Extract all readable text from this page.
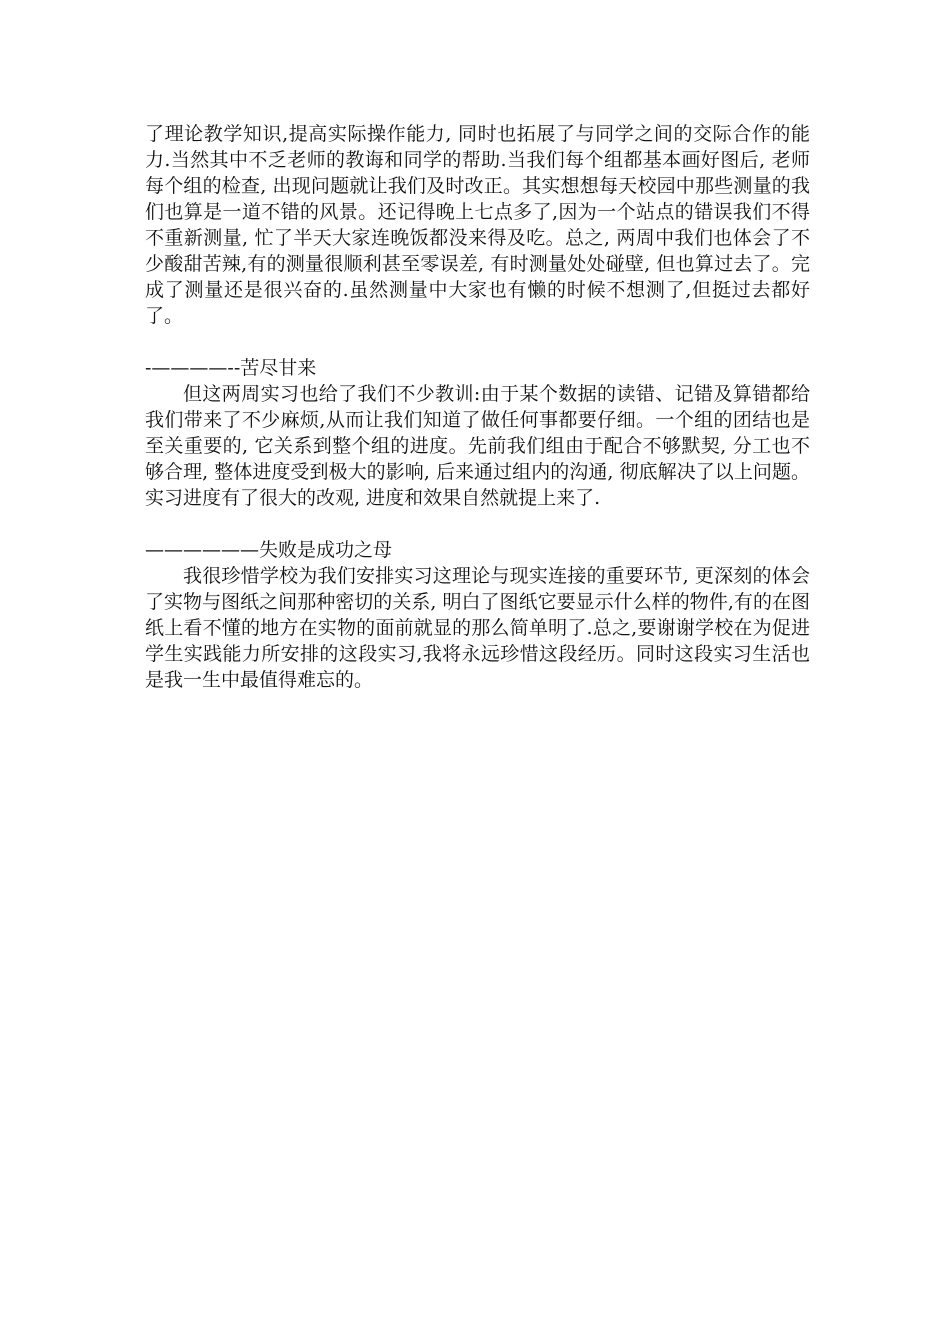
了理论教学知识,提高实际操作能力, 同时也拓展了与同学之间的交际合作的能力.当然其中不乏老师的教诲和同学的帮助.当我们每个组都基本画好图后, 老师每个组的检查, 出现问题就让我们及时改正。其实想想每天校园中那些测量的我们也算是一道不错的风景。还记得晚上七点多了,因为一个站点的错误我们不得不重新测量, 忙了半天大家连晚饭都没来得及吃。总之, 两周中我们也体会了不少酸甜苦辣,有的测量很顺利甚至零误差, 有时测量处处碰壁, 但也算过去了。完成了测量还是很兴奋的.虽然测量中大家也有懒的时候不想测了,但挺过去都好了。

-————--苦尽甘来

但这两周实习也给了我们不少教训:由于某个数据的读错、记错及算错都给我们带来了不少麻烦,从而让我们知道了做任何事都要仔细。一个组的团结也是至关重要的, 它关系到整个组的进度。先前我们组由于配合不够默契, 分工也不够合理, 整体进度受到极大的影响, 后来通过组内的沟通, 彻底解决了以上问题。实习进度有了很大的改观, 进度和效果自然就提上来了.

——————失败是成功之母

我很珍惜学校为我们安排实习这理论与现实连接的重要环节, 更深刻的体会了实物与图纸之间那种密切的关系, 明白了图纸它要显示什么样的物件,有的在图纸上看不懂的地方在实物的面前就显的那么简单明了.总之,要谢谢学校在为促进学生实践能力所安排的这段实习,我将永远珍惜这段经历。同时这段实习生活也是我一生中最值得难忘的。
